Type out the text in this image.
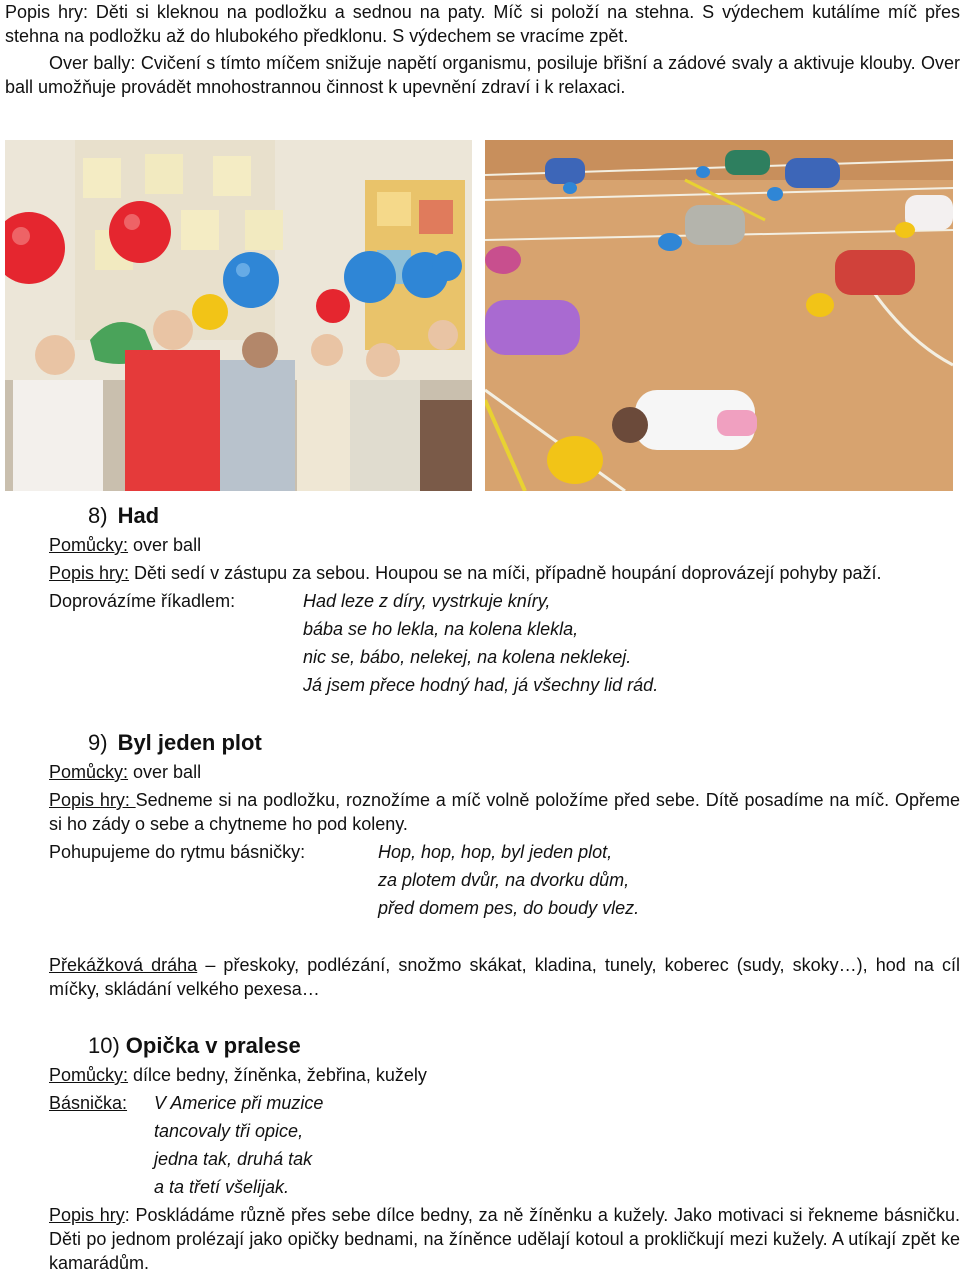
Popis hry: Děti si kleknou na podložku a sednou na paty. Míč si položí na stehna. S výdechem kutálíme míč přes stehna na podložku až do hlubokého předklonu. S výdechem se vracíme zpět.

Over bally: Cvičení s tímto míčem snižuje napětí organismu, posiluje břišní a zádové svaly a aktivuje klouby. Over ball umožňuje provádět mnohostrannou činnost k upevnění zdraví i k relaxaci.

8) Had

Pomůcky: over ball

Popis hry: Děti sedí v zástupu za sebou. Houpou se na míči, případně houpání doprovázejí pohyby paží.

Doprovázíme říkadlem:	Had leze z díry, vystrkuje kníry,

bába se ho lekla, na kolena klekla,

nic se, bábo, nelekej, na kolena neklekej.

Já jsem přece hodný had, já všechny lid rád.

9) Byl jeden plot

Pomůcky: over ball

Popis hry: Sedneme si na podložku, roznožíme a míč volně položíme před sebe. Dítě posadíme na míč. Opřeme si ho zády o sebe a chytneme ho pod koleny.

Pohupujeme do rytmu básničky:	Hop, hop, hop, byl jeden plot,

za plotem dvůr, na dvorku dům,

před domem pes, do boudy vlez.

Překážková dráha – přeskoky, podlézání, snožmo skákat, kladina, tunely, koberec (sudy, skoky…), hod na cíl míčky, skládání velkého pexesa…

10) Opička v pralese

Pomůcky: dílce bedny, žíněnka, žebřina, kužely

Básnička: V Americe při muzice

tancovaly tři opice,

jedna tak, druhá tak

a ta třetí všelijak.

Popis hry: Poskládáme různě přes sebe dílce bedny, za ně žíněnku a kužely. Jako motivaci si řekneme básničku. Děti po jednom prolézají jako opičky bednami, na žíněnce udělají kotoul a prokličkují mezi kužely. A utíkají zpět ke kamarádům.
